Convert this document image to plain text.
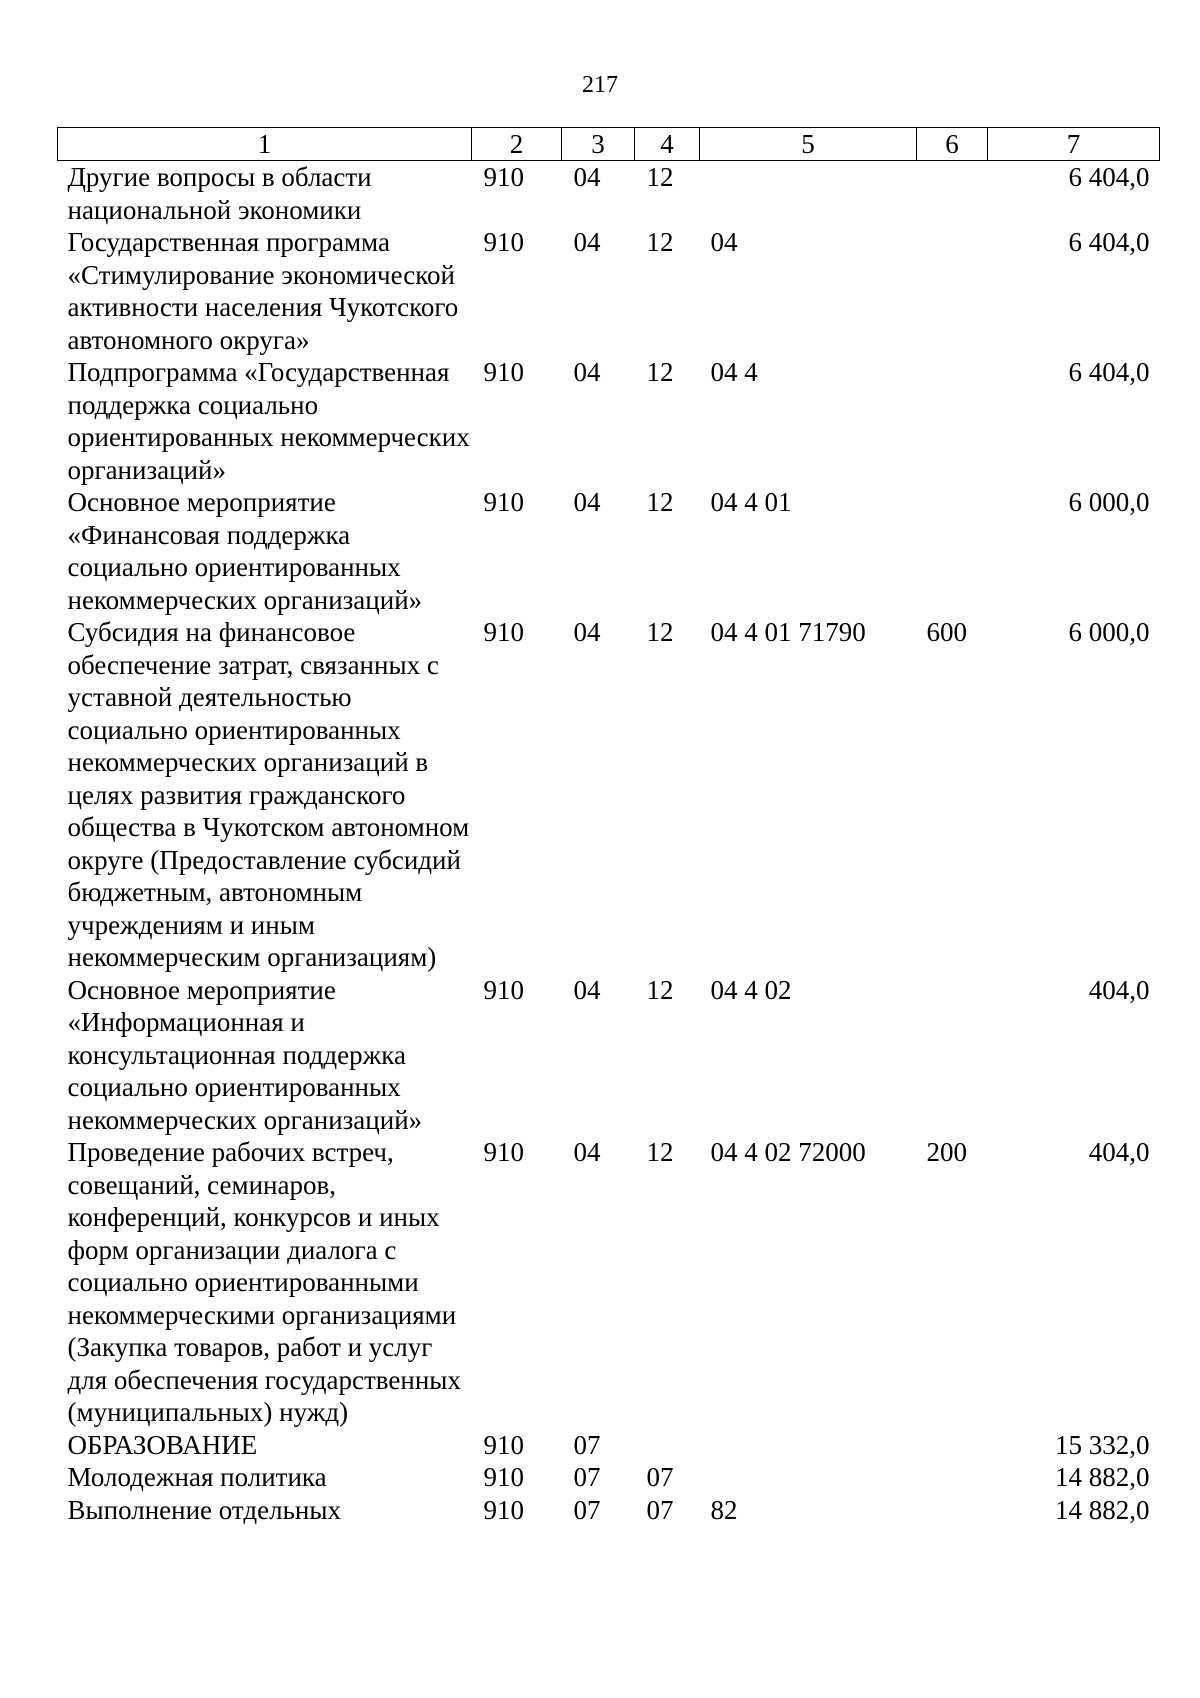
217
1	2	3	4	5	6	7
Другие вопросы в области национальной экономики	910	04	12			6 404,0
Государственная программа «Стимулирование экономической активности населения Чукотского автономного округа»	910	04	12	04		6 404,0
Подпрограмма «Государственная поддержка социально ориентированных некоммерческих организаций»	910	04	12	04 4		6 404,0
Основное мероприятие «Финансовая поддержка социально ориентированных некоммерческих организаций»	910	04	12	04 4 01		6 000,0
Субсидия на финансовое обеспечение затрат, связанных с уставной деятельностью социально ориентированных некоммерческих организаций в целях развития гражданского общества в Чукотском автономном округе (Предоставление субсидий бюджетным, автономным учреждениям и иным некоммерческим организациям)	910	04	12	04 4 01 71790	600	6 000,0
Основное мероприятие «Информационная и консультационная поддержка социально ориентированных некоммерческих организаций»	910	04	12	04 4 02		404,0
Проведение рабочих встреч, совещаний, семинаров, конференций, конкурсов и иных форм организации диалога с социально ориентированными некоммерческими организациями (Закупка товаров, работ и услуг для обеспечения государственных (муниципальных) нужд)	910	04	12	04 4 02 72000	200	404,0
ОБРАЗОВАНИЕ	910	07				15 332,0
Молодежная политика	910	07	07			14 882,0
Выполнение отдельных	910	07	07	82		14 882,0
